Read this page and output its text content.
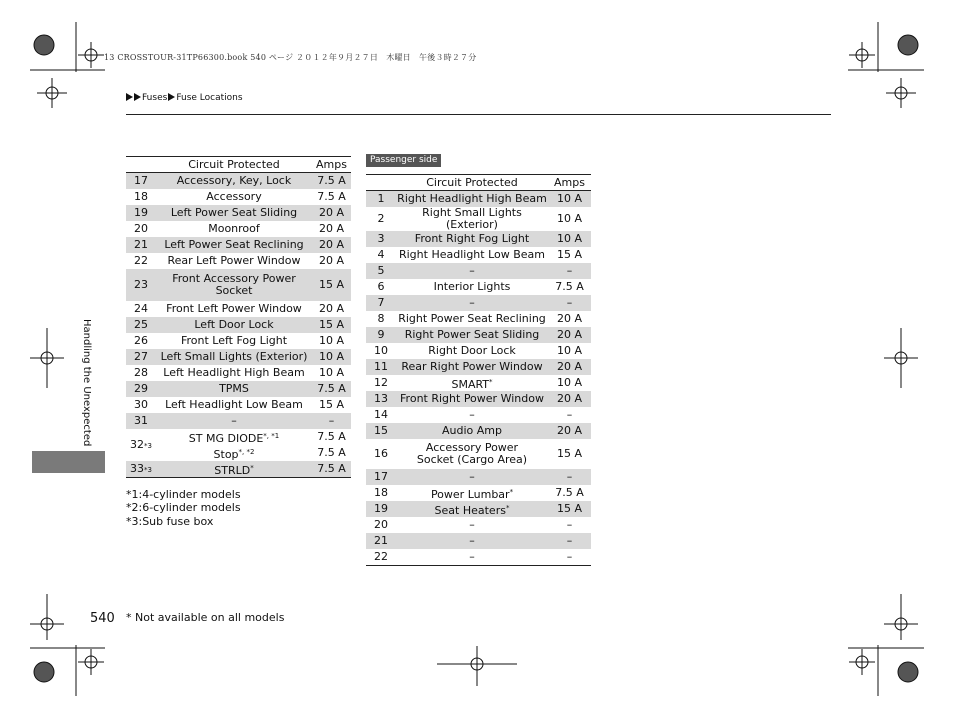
13 CROSSTOUR-31TP66300.book 540 ページ ２０１２年９月２７日　木曜日　午後３時２７分
Fuses Fuse Locations
Handling the Unexpected
	Circuit Protected	Amps
17	Accessory, Key, Lock	7.5 A
18	Accessory	7.5 A
19	Left Power Seat Sliding	20 A
20	Moonroof	20 A
21	Left Power Seat Reclining	20 A
22	Rear Left Power Window	20 A
23	Front Accessory Power Socket	15 A
24	Front Left Power Window	20 A
25	Left Door Lock	15 A
26	Front Left Fog Light	10 A
27	Left Small Lights (Exterior)	10 A
28	Left Headlight High Beam	10 A
29	TPMS	7.5 A
30	Left Headlight Low Beam	15 A
31	–	–
32*3	ST MG $DIODE^{*, *1}$	7.5 A
	Stop$^{*, *2}$	7.5 A
33*3	STRLD*	7.5 A
*1:4-cylinder models
*2:6-cylinder models
*3:Sub fuse box
Passenger side
	Circuit Protected	Amps
1	Right Headlight High Beam	10 A
2	Right Small Lights (Exterior)	10 A
3	Front Right Fog Light	10 A
4	Right Headlight Low Beam	15 A
5	–	–
6	Interior Lights	7.5 A
7	–	–
8	Right Power Seat Reclining	20 A
9	Right Power Seat Sliding	20 A
10	Right Door Lock	10 A
11	Rear Right Power Window	20 A
12	SMART*	10 A
13	Front Right Power Window	20 A
14	–	–
15	Audio Amp	20 A
16	Accessory Power Socket (Cargo Area)	15 A
17	–	–
18	Power Lumbar*	7.5 A
19	Seat Heaters*	15 A
20	–	–
21	–	–
22	–	–
540 * Not available on all models
